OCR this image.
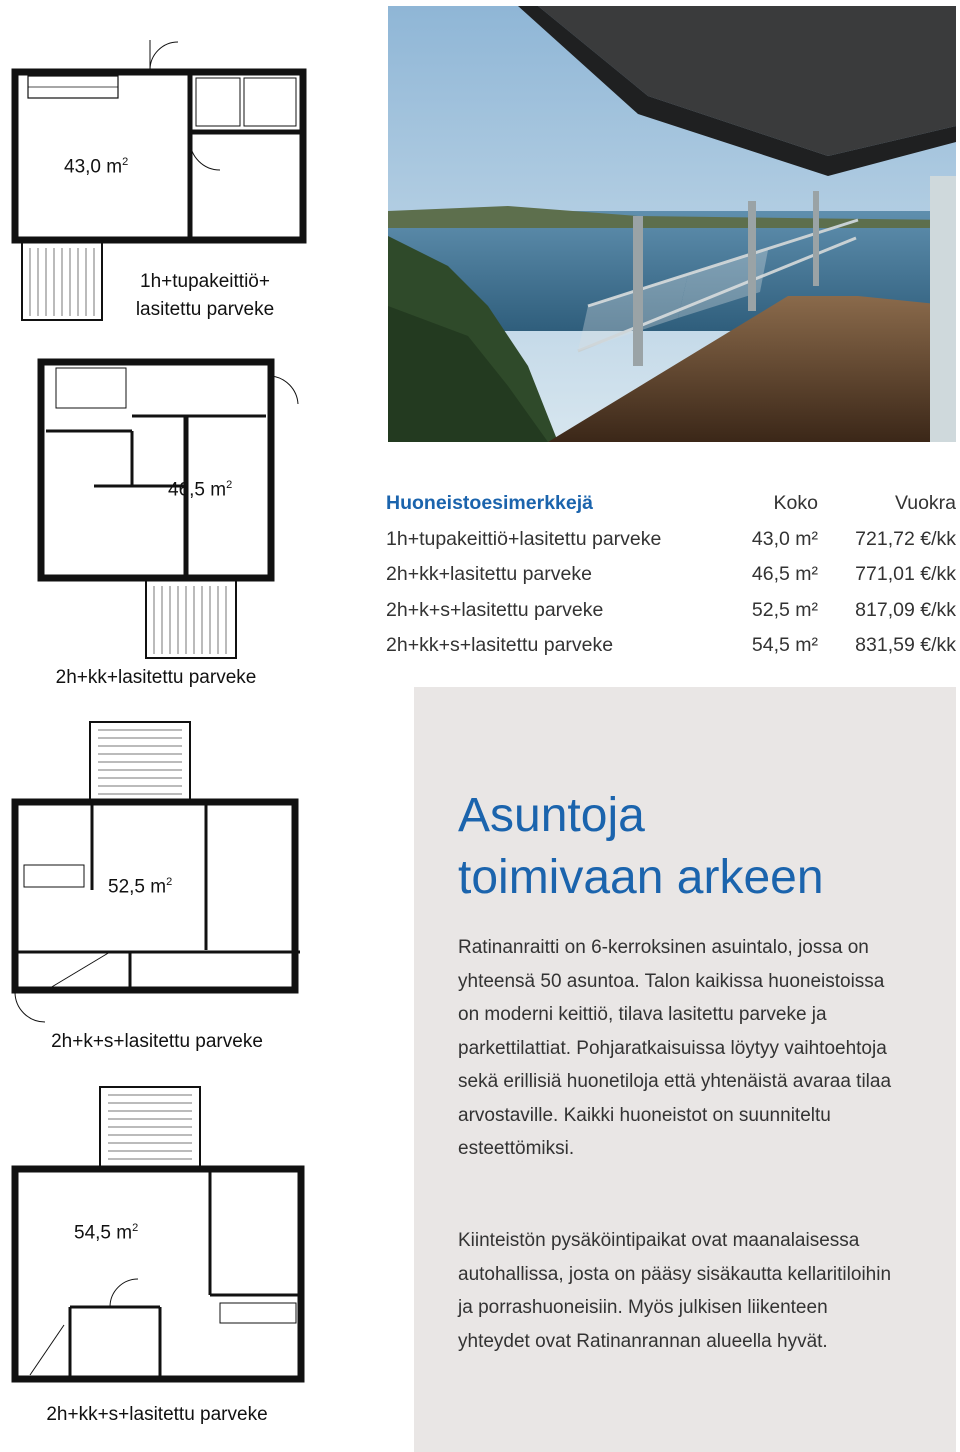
43,0 $m^2$
1h+tupakeittiö+
lasitettu parveke
46,5 $m^2$
2h+kk+lasitettu parveke
52,5 $m^2$
2h+k+s+lasitettu parveke
54,5 $m^2$
2h+kk+s+lasitettu parveke
Huoneistoesimerkkejä	Koko	Vuokra
1h+tupakeittiö+lasitettu parveke	43,0 m²	721,72 €/kk
2h+kk+lasitettu parveke	46,5 m²	771,01 €/kk
2h+k+s+lasitettu parveke	52,5 m²	817,09 €/kk
2h+kk+s+lasitettu parveke	54,5 m²	831,59 €/kk
Asuntoja
toimivaan arkeen

Ratinanraitti on 6-kerroksinen asuintalo, jossa on yhteensä 50 asuntoa. Talon kaikissa huoneistoissa on moderni keittiö, tilava lasitettu parveke ja parkettilattiat. Pohjaratkaisuissa löytyy vaihtoehtoja sekä erillisiä huonetiloja että yhtenäistä avaraa tilaa arvostaville. Kaikki huoneistot on suunniteltu esteettömiksi.

Kiinteistön pysäköintipaikat ovat maanalaisessa autohallissa, josta on pääsy sisäkautta kellaritiloihin ja porrashuoneisiin. Myös julkisen liikenteen yhteydet ovat Ratinanrannan alueella hyvät.
